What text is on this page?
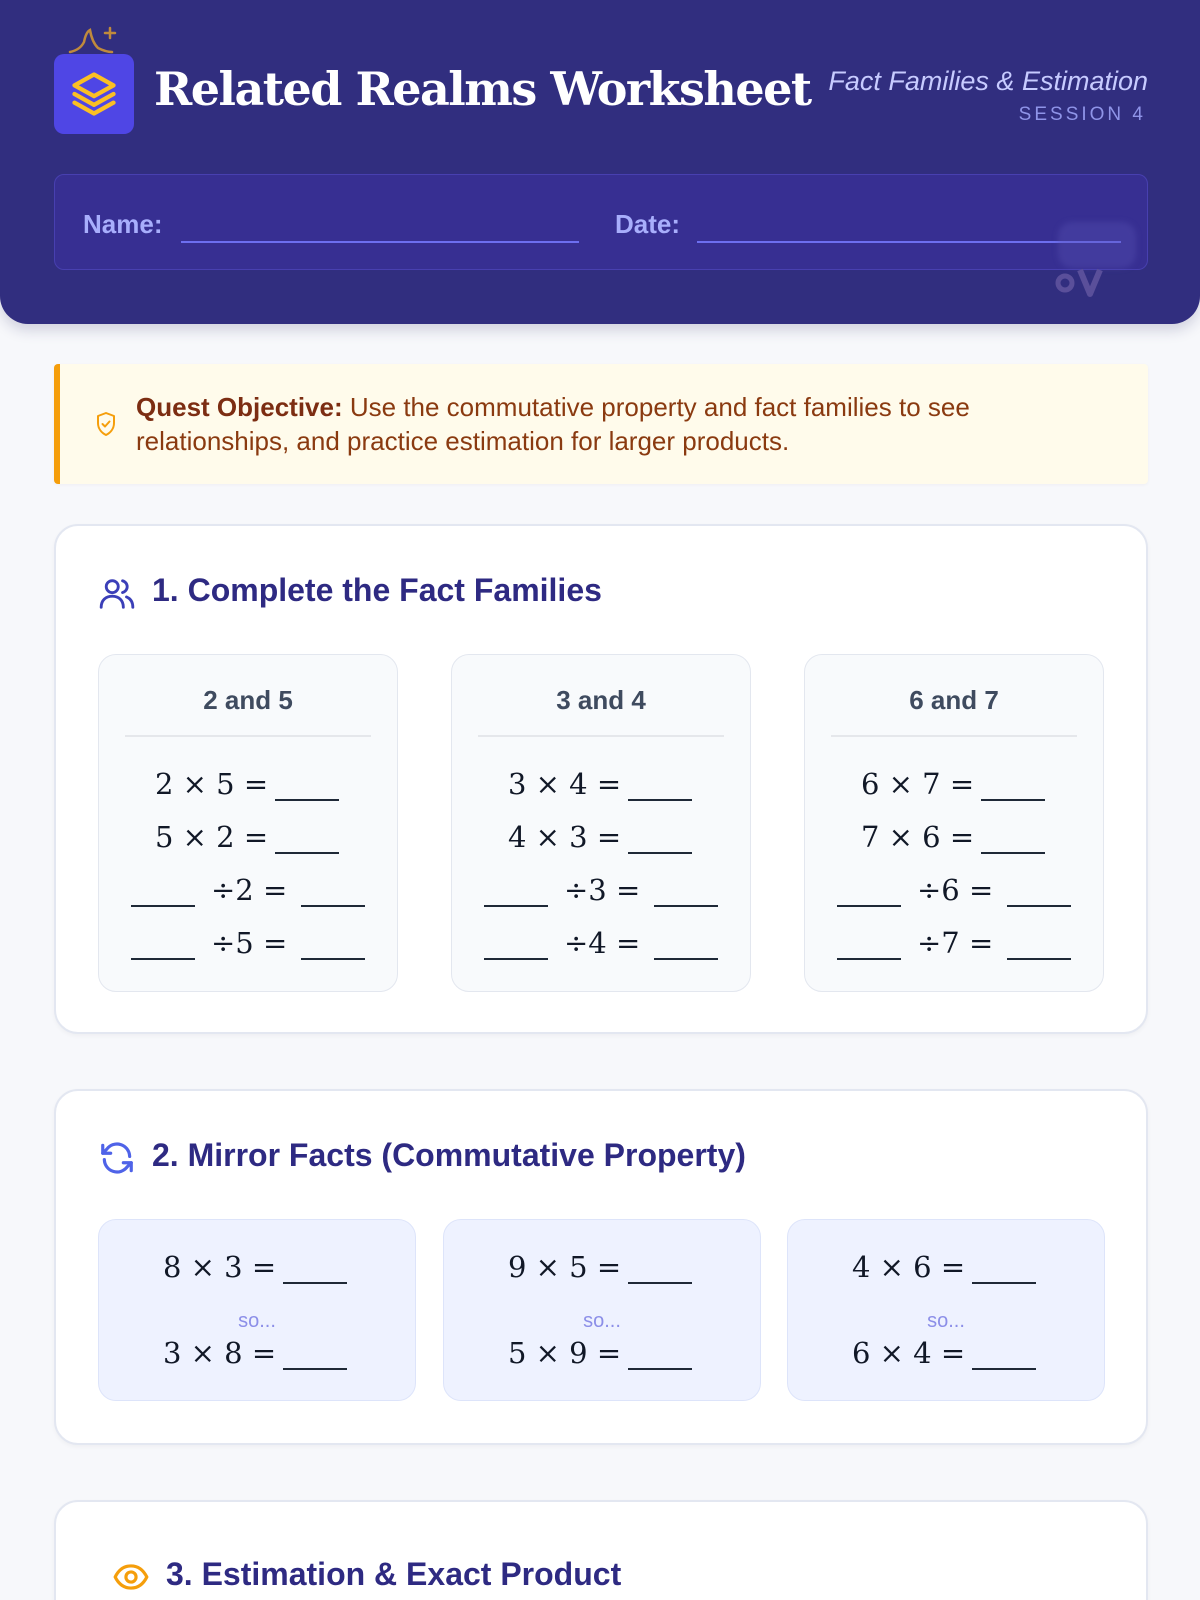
Related Realms Worksheet Fact Families & Estimation
SESSION 4
Name:	Date:
Quest Objective: Use the commutative property and fact families to see relationships, and practice estimation for larger products.
1. Complete the Fact Families
2 and 5
2 × 5 =
5 × 2 =
÷2 =
÷5 =
3 and 4
3 × 4 =
4 × 3 =
÷3 =
÷4 =
6 and 7
6 × 7 =
7 × 6 =
÷6 =
÷7 =
2. Mirror Facts (Commutative Property)
8 × 3 =
so...
3 × 8 =
9 × 5 =
so...
5 × 9 =
4 × 6 =
so...
6 × 4 =
3. Estimation & Exact Product
